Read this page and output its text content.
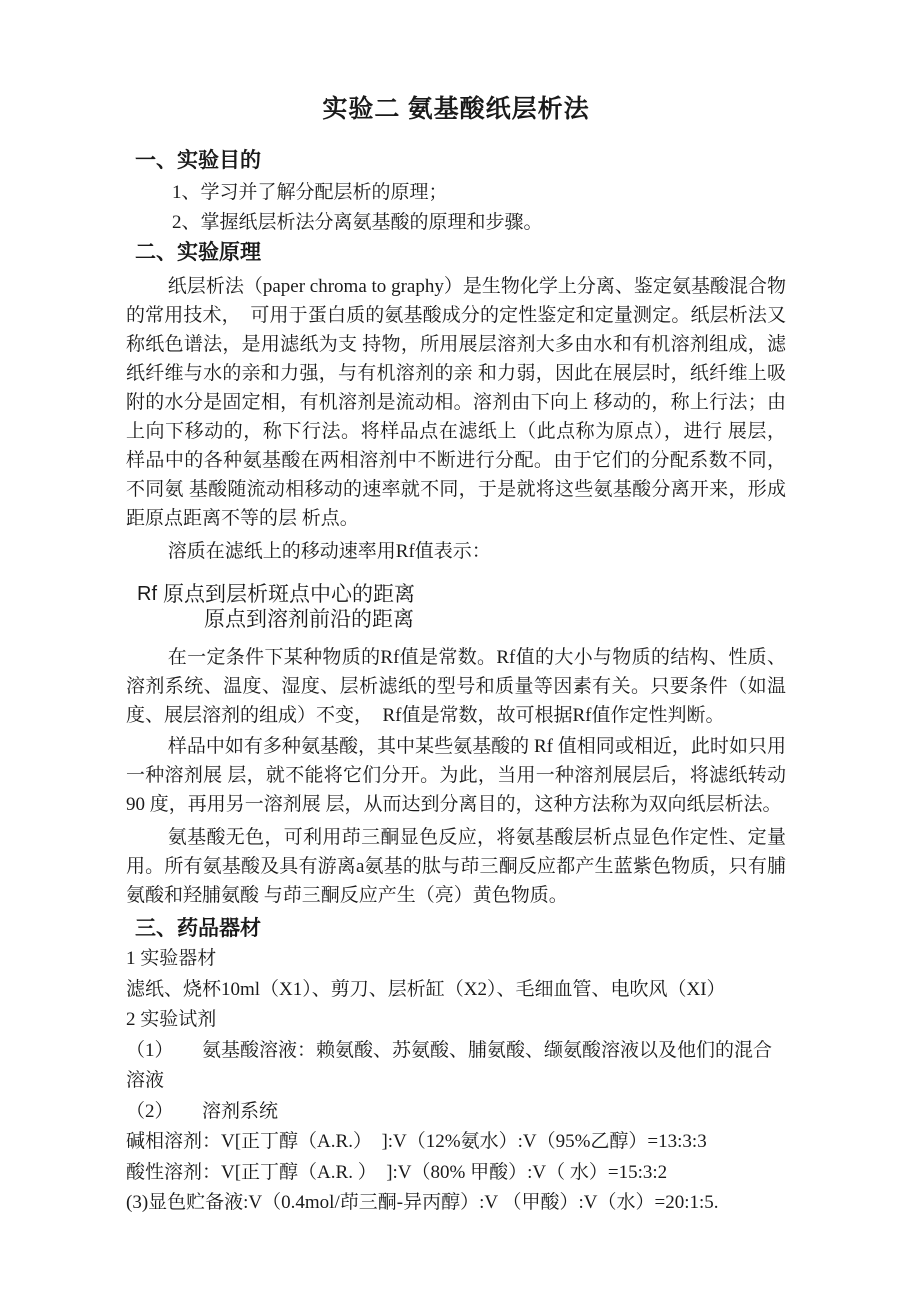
实验二 氨基酸纸层析法
一、实验目的

1、学习并了解分配层析的原理；

2、掌握纸层析法分离氨基酸的原理和步骤。

二、实验原理

纸层析法（paper chroma to graphy）是生物化学上分离、鉴定氨基酸混合物的常用技术，　可用于蛋白质的氨基酸成分的定性鉴定和定量测定。纸层析法又称纸色谱法，是用滤纸为支 持物，所用展层溶剂大多由水和有机溶剂组成，滤纸纤维与水的亲和力强，与有机溶剂的亲 和力弱，因此在展层时，纸纤维上吸附的水分是固定相，有机溶剂是流动相。溶剂由下向上 移动的，称上行法；由上向下移动的，称下行法。将样品点在滤纸上（此点称为原点），进行 展层，样品中的各种氨基酸在两相溶剂中不断进行分配。由于它们的分配系数不同，不同氨 基酸随流动相移动的速率就不同，于是就将这些氨基酸分离开来，形成距原点距离不等的层 析点。

溶质在滤纸上的移动速率用Rf值表示：

Rf 原点到层析斑点中心的距离
原点到溶剂前沿的距离

在一定条件下某种物质的Rf值是常数。Rf值的大小与物质的结构、性质、溶剂系统、温度、湿度、层析滤纸的型号和质量等因素有关。只要条件（如温度、展层溶剂的组成）不变，　Rf值是常数，故可根据Rf值作定性判断。

样品中如有多种氨基酸，其中某些氨基酸的 Rf 值相同或相近，此时如只用一种溶剂展 层，就不能将它们分开。为此，当用一种溶剂展层后，将滤纸转动90 度，再用另一溶剂展 层，从而达到分离目的，这种方法称为双向纸层析法。

氨基酸无色，可利用茚三酮显色反应，将氨基酸层析点显色作定性、定量用。所有氨基酸及具有游离a氨基的肽与茚三酮反应都产生蓝紫色物质，只有脯氨酸和羟脯氨酸 与茚三酮反应产生（亮）黄色物质。

三、药品器材

1 实验器材

滤纸、烧杯10ml（X1）、剪刀、层析缸（X2）、毛细血管、电吹风（XI）

2 实验试剂

（1）      氨基酸溶液：赖氨酸、苏氨酸、脯氨酸、缬氨酸溶液以及他们的混合溶液

（2）      溶剂系统

碱相溶剂：V[正丁醇（A.R.）  ]:V（12%氨水）:V（95%乙醇）=13:3:3

酸性溶剂：V[正丁醇（A.R. ）  ]:V（80% 甲酸）:V（ 水）=15:3:2

(3)显色贮备液:V（0.4mol/茚三酮-异丙醇）:V （甲酸）:V（水）=20:1:5.
